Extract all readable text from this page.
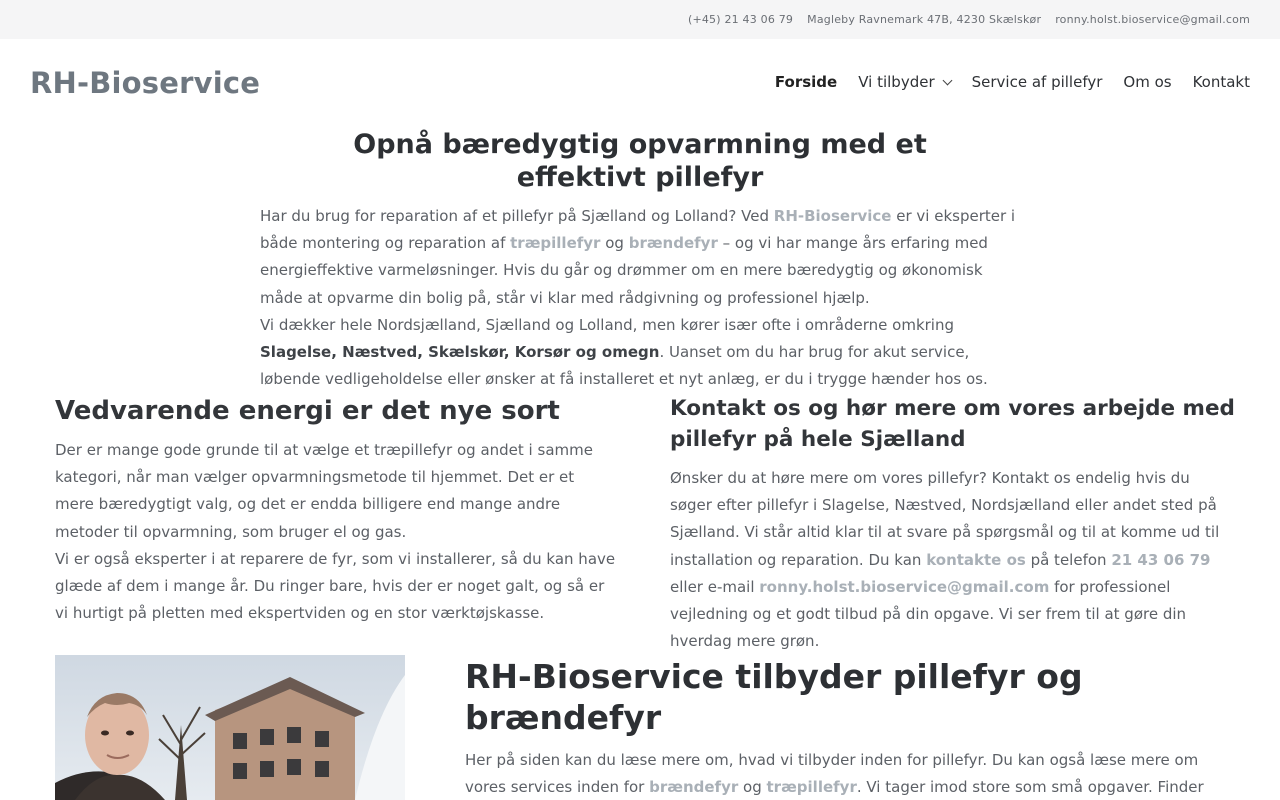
(+45) 21 43 06 79 Magleby Ravnemark 47B, 4230 Skælskør ronny.holst.bioservice@gmail.com
RH-Bioservice	Forside Vi tilbyder Service af pillefyr Om os Kontakt
Opnå bæredygtig opvarmning med et effektivt pillefyr

Har du brug for reparation af et pillefyr på Sjælland og Lolland? Ved RH-Bioservice er vi eksperter i både montering og reparation af træpillefyr og brændefyr – og vi har mange års erfaring med energieffektive varmeløsninger. Hvis du går og drømmer om en mere bæredygtig og økonomisk måde at opvarme din bolig på, står vi klar med rådgivning og professionel hjælp.

Vi dækker hele Nordsjælland, Sjælland og Lolland, men kører især ofte i områderne omkring Slagelse, Næstved, Skælskør, Korsør og omegn. Uanset om du har brug for akut service, løbende vedligeholdelse eller ønsker at få installeret et nyt anlæg, er du i trygge hænder hos os.

Vedvarende energi er det nye sort

Der er mange gode grunde til at vælge et træpillefyr og andet i samme kategori, når man vælger opvarmningsmetode til hjemmet. Det er et mere bæredygtigt valg, og det er endda billigere end mange andre metoder til opvarmning, som bruger el og gas.

Vi er også eksperter i at reparere de fyr, som vi installerer, så du kan have glæde af dem i mange år. Du ringer bare, hvis der er noget galt, og så er vi hurtigt på pletten med ekspertviden og en stor værktøjskasse.

Kontakt os og hør mere om vores arbejde med pillefyr på hele Sjælland

Ønsker du at høre mere om vores pillefyr? Kontakt os endelig hvis du søger efter pillefyr i Slagelse, Næstved, Nordsjælland eller andet sted på Sjælland. Vi står altid klar til at svare på spørgsmål og til at komme ud til installation og reparation. Du kan kontakte os på telefon 21 43 06 79 eller e-mail ronny.holst.bioservice@gmail.com for professionel vejledning og et godt tilbud på din opgave. Vi ser frem til at gøre din hverdag mere grøn.

RH-Bioservice tilbyder pillefyr og brændefyr

Her på siden kan du læse mere om, hvad vi tilbyder inden for pillefyr. Du kan også læse mere om vores services inden for brændefyr og træpillefyr. Vi tager imod store som små opgaver. Finder
